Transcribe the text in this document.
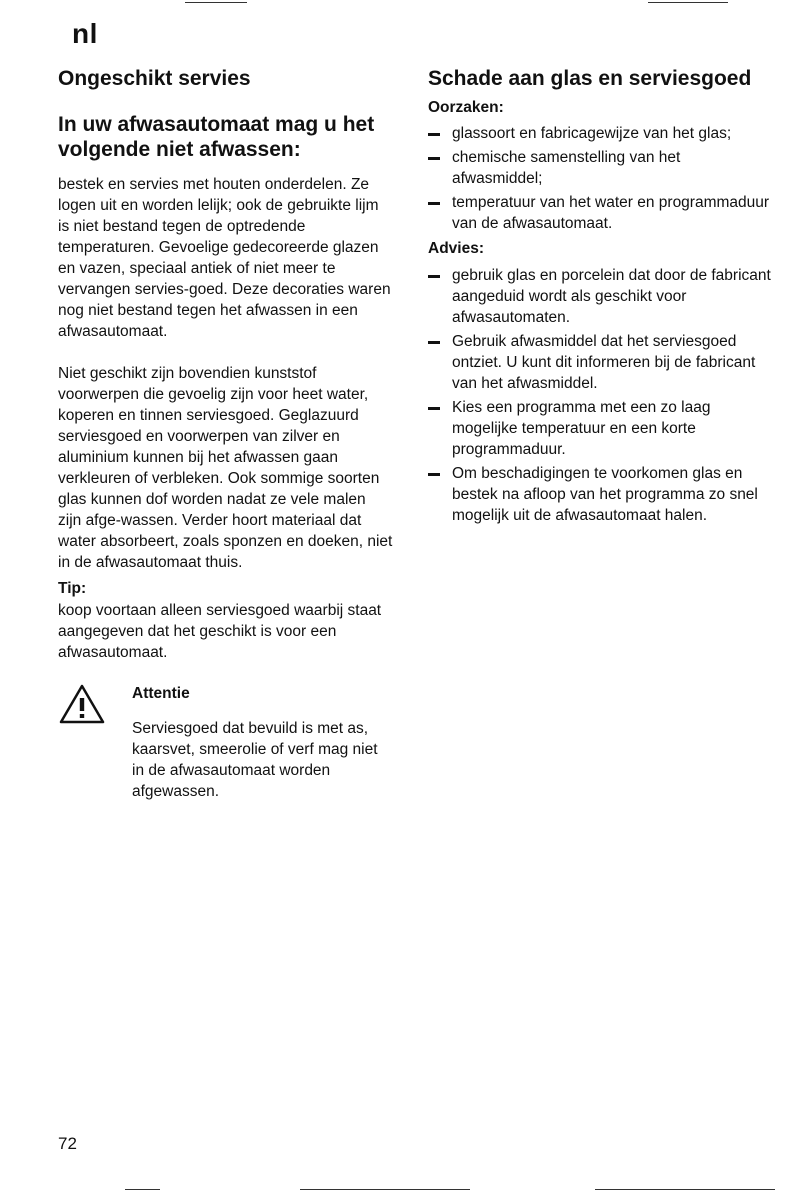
nl
Ongeschikt servies
In uw afwasautomaat mag u het volgende niet afwassen:

bestek en servies met houten onderdelen. Ze logen uit en worden lelijk; ook de gebruikte lijm is niet bestand tegen de optredende temperaturen. Gevoelige gedecoreerde glazen en vazen, speciaal antiek of niet meer te vervangen servies-goed. Deze decoraties waren nog niet bestand tegen het afwassen in een afwasautomaat.

Niet geschikt zijn bovendien kunststof voorwerpen die gevoelig zijn voor heet water, koperen en tinnen serviesgoed. Geglazuurd serviesgoed en voorwerpen van zilver en aluminium kunnen bij het afwassen gaan verkleuren of verbleken. Ook sommige soorten glas kunnen dof worden nadat ze vele malen zijn afge-wassen. Verder hoort materiaal dat water absorbeert, zoals sponzen en doeken, niet in de afwasautomaat thuis.

Tip:

koop voortaan alleen serviesgoed waarbij staat aangegeven dat het geschikt is voor een afwasautomaat.

Attentie

Serviesgoed dat bevuild is met as, kaarsvet, smeerolie of verf mag niet in de afwasautomaat worden afgewassen.

Schade aan glas en serviesgoed
Oorzaken:
glassoort en fabricagewijze van het glas;
chemische samenstelling van het afwasmiddel;
temperatuur van het water en programmaduur van de afwasautomaat.
Advies:
gebruik glas en porcelein dat door de fabricant aangeduid wordt als geschikt voor afwasautomaten.
Gebruik afwasmiddel dat het serviesgoed ontziet. U kunt dit informeren bij de fabricant van het afwasmiddel.
Kies een programma met een zo laag mogelijke temperatuur en een korte programmaduur.
Om beschadigingen te voorkomen glas en bestek na afloop van het programma zo snel mogelijk uit de afwasautomaat halen.
72
